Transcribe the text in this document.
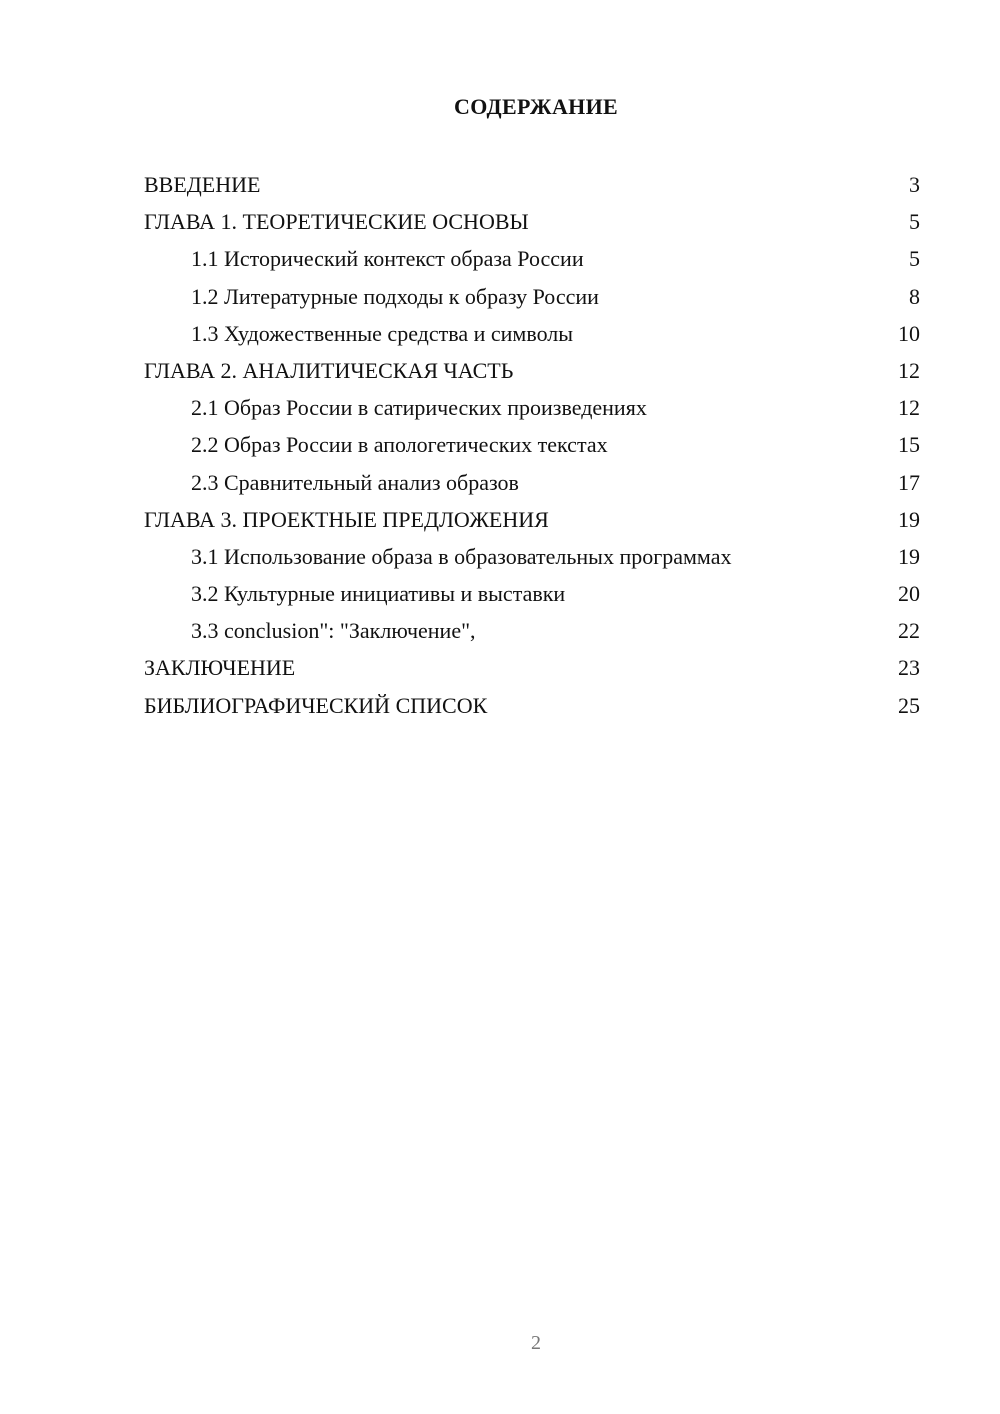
СОДЕРЖАНИЕ
ВВЕДЕНИЕ	3
ГЛАВА 1. ТЕОРЕТИЧЕСКИЕ ОСНОВЫ	5
1.1 Исторический контекст образа России	5
1.2 Литературные подходы к образу России	8
1.3 Художественные средства и символы	10
ГЛАВА 2. АНАЛИТИЧЕСКАЯ ЧАСТЬ	12
2.1 Образ России в сатирических произведениях	12
2.2 Образ России в апологетических текстах	15
2.3 Сравнительный анализ образов	17
ГЛАВА 3. ПРОЕКТНЫЕ ПРЕДЛОЖЕНИЯ	19
3.1 Использование образа в образовательных программах	19
3.2 Культурные инициативы и выставки	20
3.3 conclusion": "Заключение",	22
ЗАКЛЮЧЕНИЕ	23
БИБЛИОГРАФИЧЕСКИЙ СПИСОК	25
2
